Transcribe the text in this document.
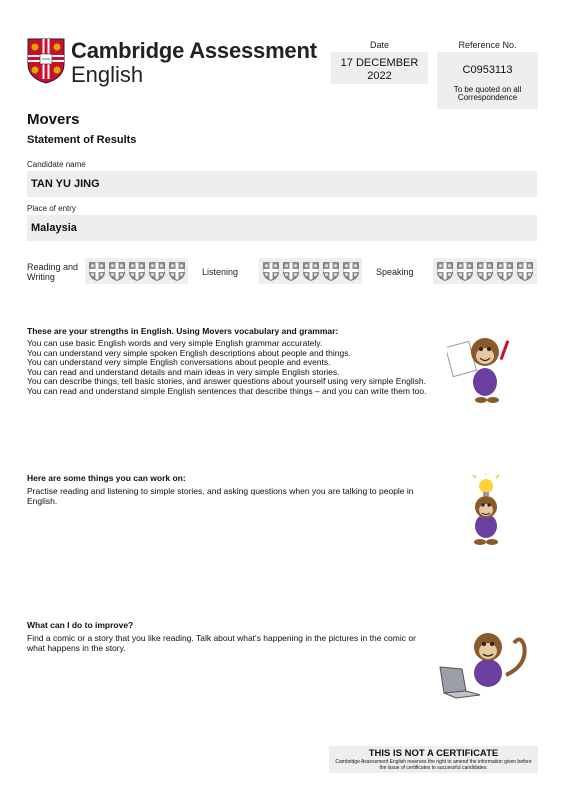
Cambridge Assessment
English
Date
17 DECEMBER 2022
Reference No.
C0953113
To be quoted on all Correspondence
Movers
Statement of Results
Candidate name
TAN YU JING
Place of entry
Malaysia
Reading and
Writing	Listening	Speaking
These are your strengths in English. Using Movers vocabulary and grammar:
You can use basic English words and very simple English grammar accurately.
You can understand very simple spoken English descriptions about people and things.
You can understand very simple English conversations about people and events.
You can read and understand details and main ideas in very simple English stories.
You can describe things, tell basic stories, and answer questions about yourself using very simple English.
You can read and understand simple English sentences that describe things – and you can write them too.
Here are some things you can work on:
Practise reading and listening to simple stories, and asking questions when you are talking to people in English.
What can I do to improve?
Find a comic or a story that you like reading. Talk about what's happening in the pictures in the comic or what happens in the story.
THIS IS NOT A CERTIFICATE
Cambridge Assessment English reserves the right to amend the information given before the issue of certificates to successful candidates.
